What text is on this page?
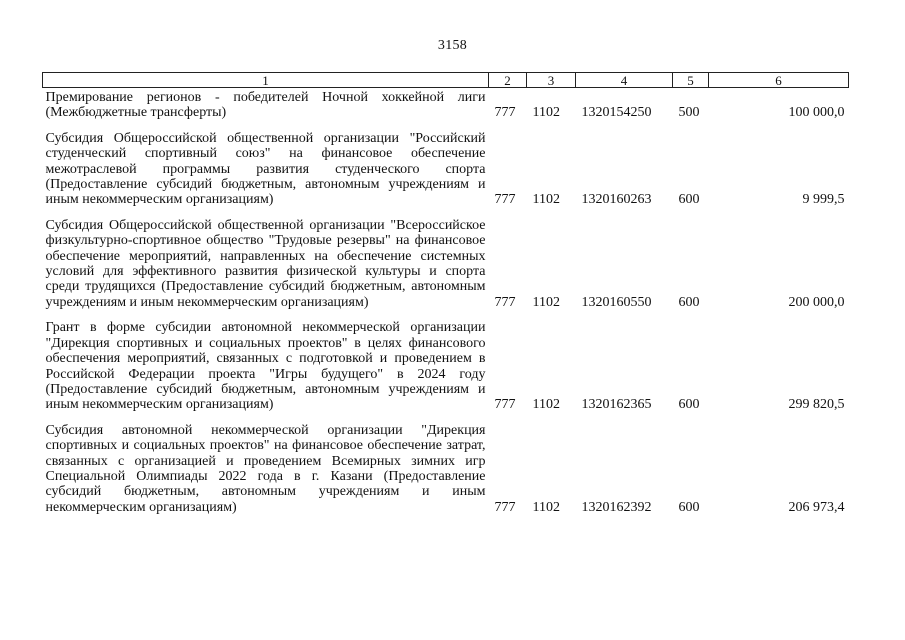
3158
1	2	3	4	5	6
Премирование регионов - победителей Ночной хоккейной лиги (Межбюджетные трансферты)	777	1102	1320154250	500	100 000,0
Субсидия Общероссийской общественной организации "Российский студенческий спортивный союз" на финансовое обеспечение межотраслевой программы развития студенческого спорта (Предоставление субсидий бюджетным, автономным учреждениям и иным некоммерческим организациям)	777	1102	1320160263	600	9 999,5
Субсидия Общероссийской общественной организации "Всероссийское физкультурно-спортивное общество "Трудовые резервы" на финансовое обеспечение мероприятий, направленных на обеспечение системных условий для эффективного развития физической культуры и спорта среди трудящихся (Предоставление субсидий бюджетным, автономным учреждениям и иным некоммерческим организациям)	777	1102	1320160550	600	200 000,0
Грант в форме субсидии автономной некоммерческой организации "Дирекция спортивных и социальных проектов" в целях финансового обеспечения мероприятий, связанных с подготовкой и проведением в Российской Федерации проекта "Игры будущего" в 2024 году (Предоставление субсидий бюджетным, автономным учреждениям и иным некоммерческим организациям)	777	1102	1320162365	600	299 820,5
Субсидия автономной некоммерческой организации "Дирекция спортивных и социальных проектов" на финансовое обеспечение затрат, связанных с организацией и проведением Всемирных зимних игр Специальной Олимпиады 2022 года в г. Казани (Предоставление субсидий бюджетным, автономным учреждениям и иным некоммерческим организациям)	777	1102	1320162392	600	206 973,4
